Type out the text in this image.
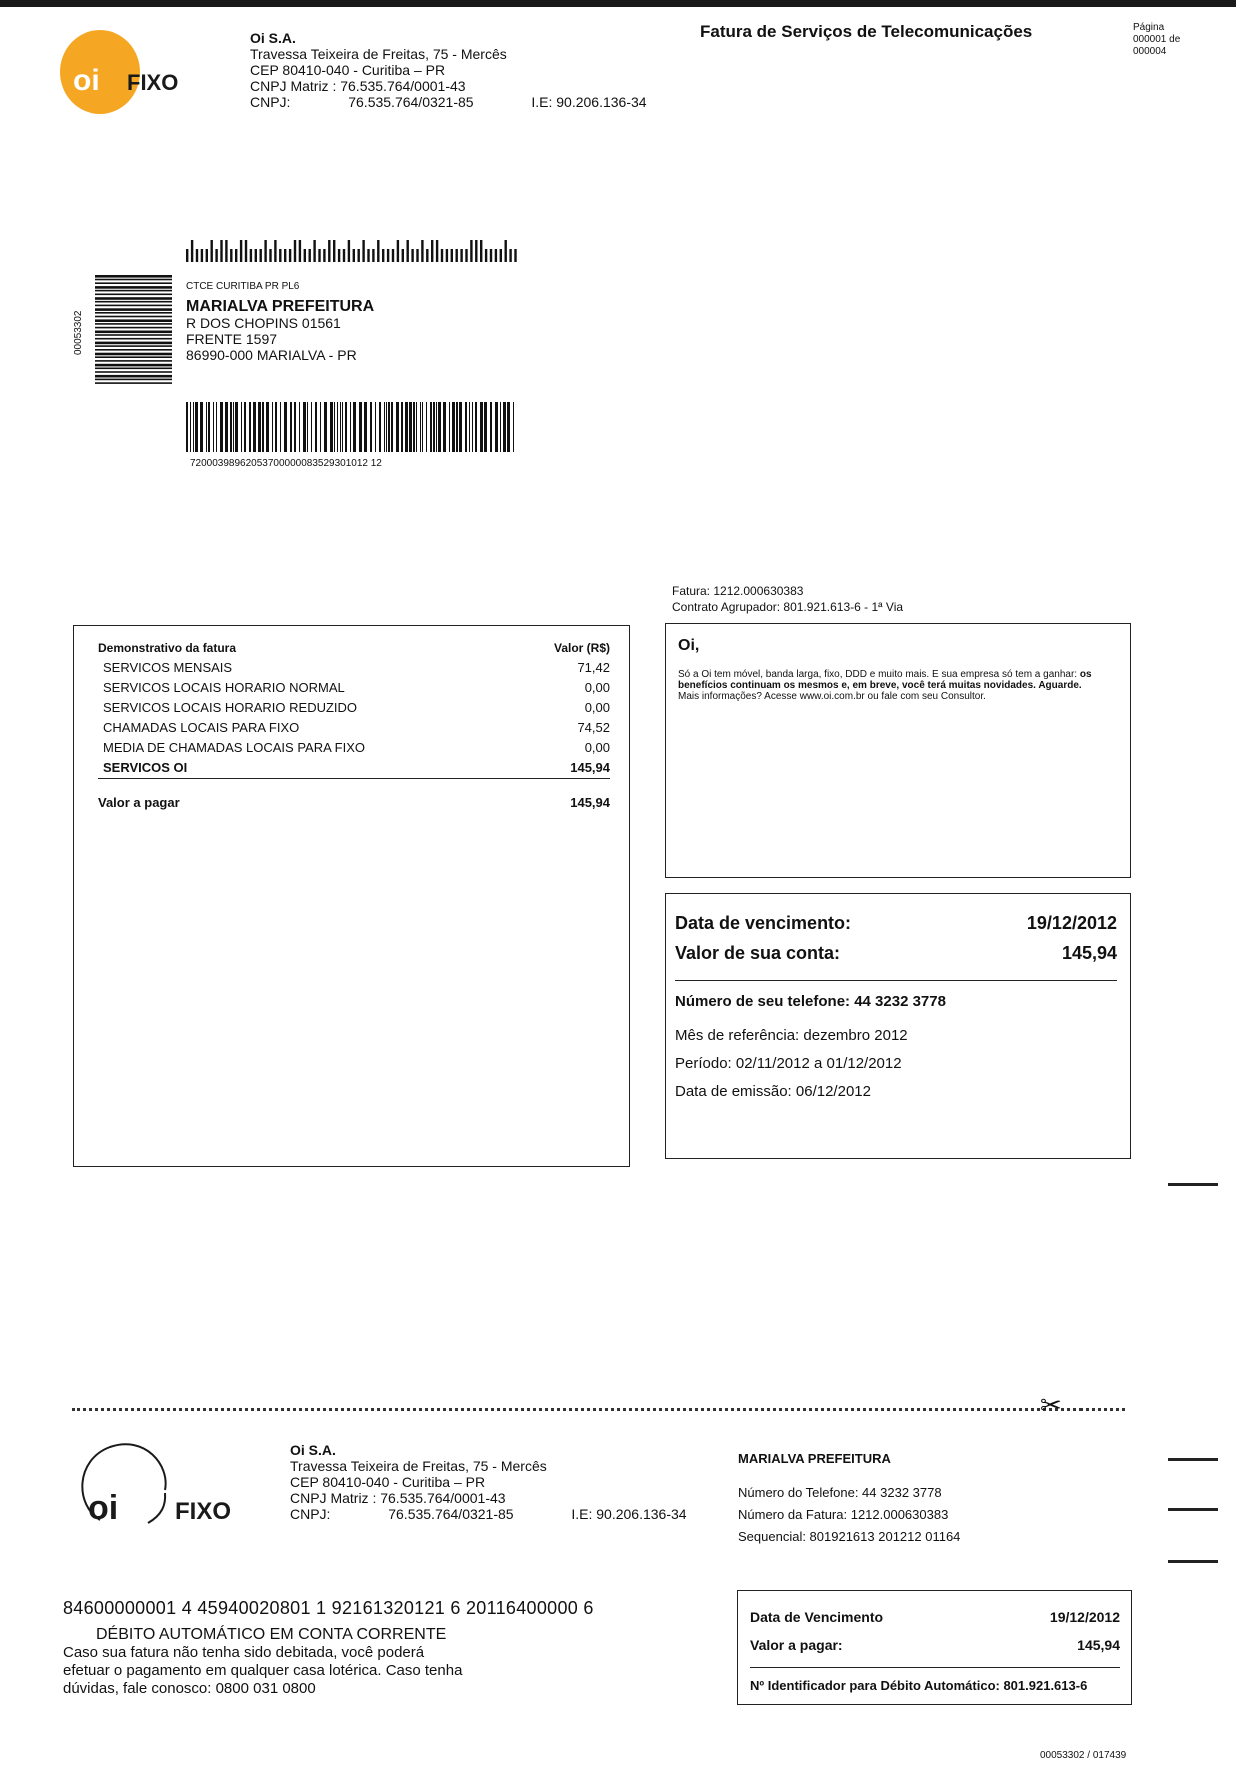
oi FIXO
Oi S.A.
Travessa Teixeira de Freitas, 75 - Mercês
CEP 80410-040 - Curitiba – PR
CNPJ Matriz : 76.535.764/0001-43
CNPJ:	76.535.764/0321-85	I.E: 90.206.136-34
Fatura de Serviços de Telecomunicações	Página
000001 de
000004
00053302
CTCE CURITIBA PR PL6
MARIALVA PREFEITURA
R DOS CHOPINS 01561
FRENTE 1597
86990-000 MARIALVA - PR
72000398962053700000083529301012 12
Fatura: 1212.000630383
Contrato Agrupador: 801.921.613-6 - 1ª Via
Demonstrativo da fatura	Valor (R$)
SERVICOS MENSAIS	71,42
SERVICOS LOCAIS HORARIO NORMAL	0,00
SERVICOS LOCAIS HORARIO REDUZIDO	0,00
CHAMADAS LOCAIS PARA FIXO	74,52
MEDIA DE CHAMADAS LOCAIS PARA FIXO	0,00
SERVICOS OI	145,94
Valor a pagar	145,94
Oi,
Só a Oi tem móvel, banda larga, fixo, DDD e muito mais. E sua empresa só tem a ganhar: os benefícios continuam os mesmos e, em breve, você terá muitas novidades. Aguarde.
Mais informações? Acesse www.oi.com.br ou fale com seu Consultor.
Data de vencimento:	19/12/2012
Valor de sua conta:	145,94
Número de seu telefone: 44 3232 3778
Mês de referência: dezembro 2012
Período: 02/11/2012 a 01/12/2012
Data de emissão: 06/12/2012
✂
oi FIXO
Oi S.A.
Travessa Teixeira de Freitas, 75 - Mercês
CEP 80410-040 - Curitiba – PR
CNPJ Matriz : 76.535.764/0001-43
CNPJ:	76.535.764/0321-85	I.E: 90.206.136-34
MARIALVA PREFEITURA
Número do Telefone: 44 3232 3778
Número da Fatura: 1212.000630383
Sequencial: 801921613 201212 01164
84600000001 4 45940020801 1 92161320121 6 20116400000 6
DÉBITO AUTOMÁTICO EM CONTA CORRENTE
Caso sua fatura não tenha sido debitada, você poderá
efetuar o pagamento em qualquer casa lotérica. Caso tenha
dúvidas, fale conosco: 0800 031 0800
Data de Vencimento	19/12/2012
Valor a pagar:	145,94
Nº Identificador para Débito Automático: 801.921.613-6
00053302 / 017439
